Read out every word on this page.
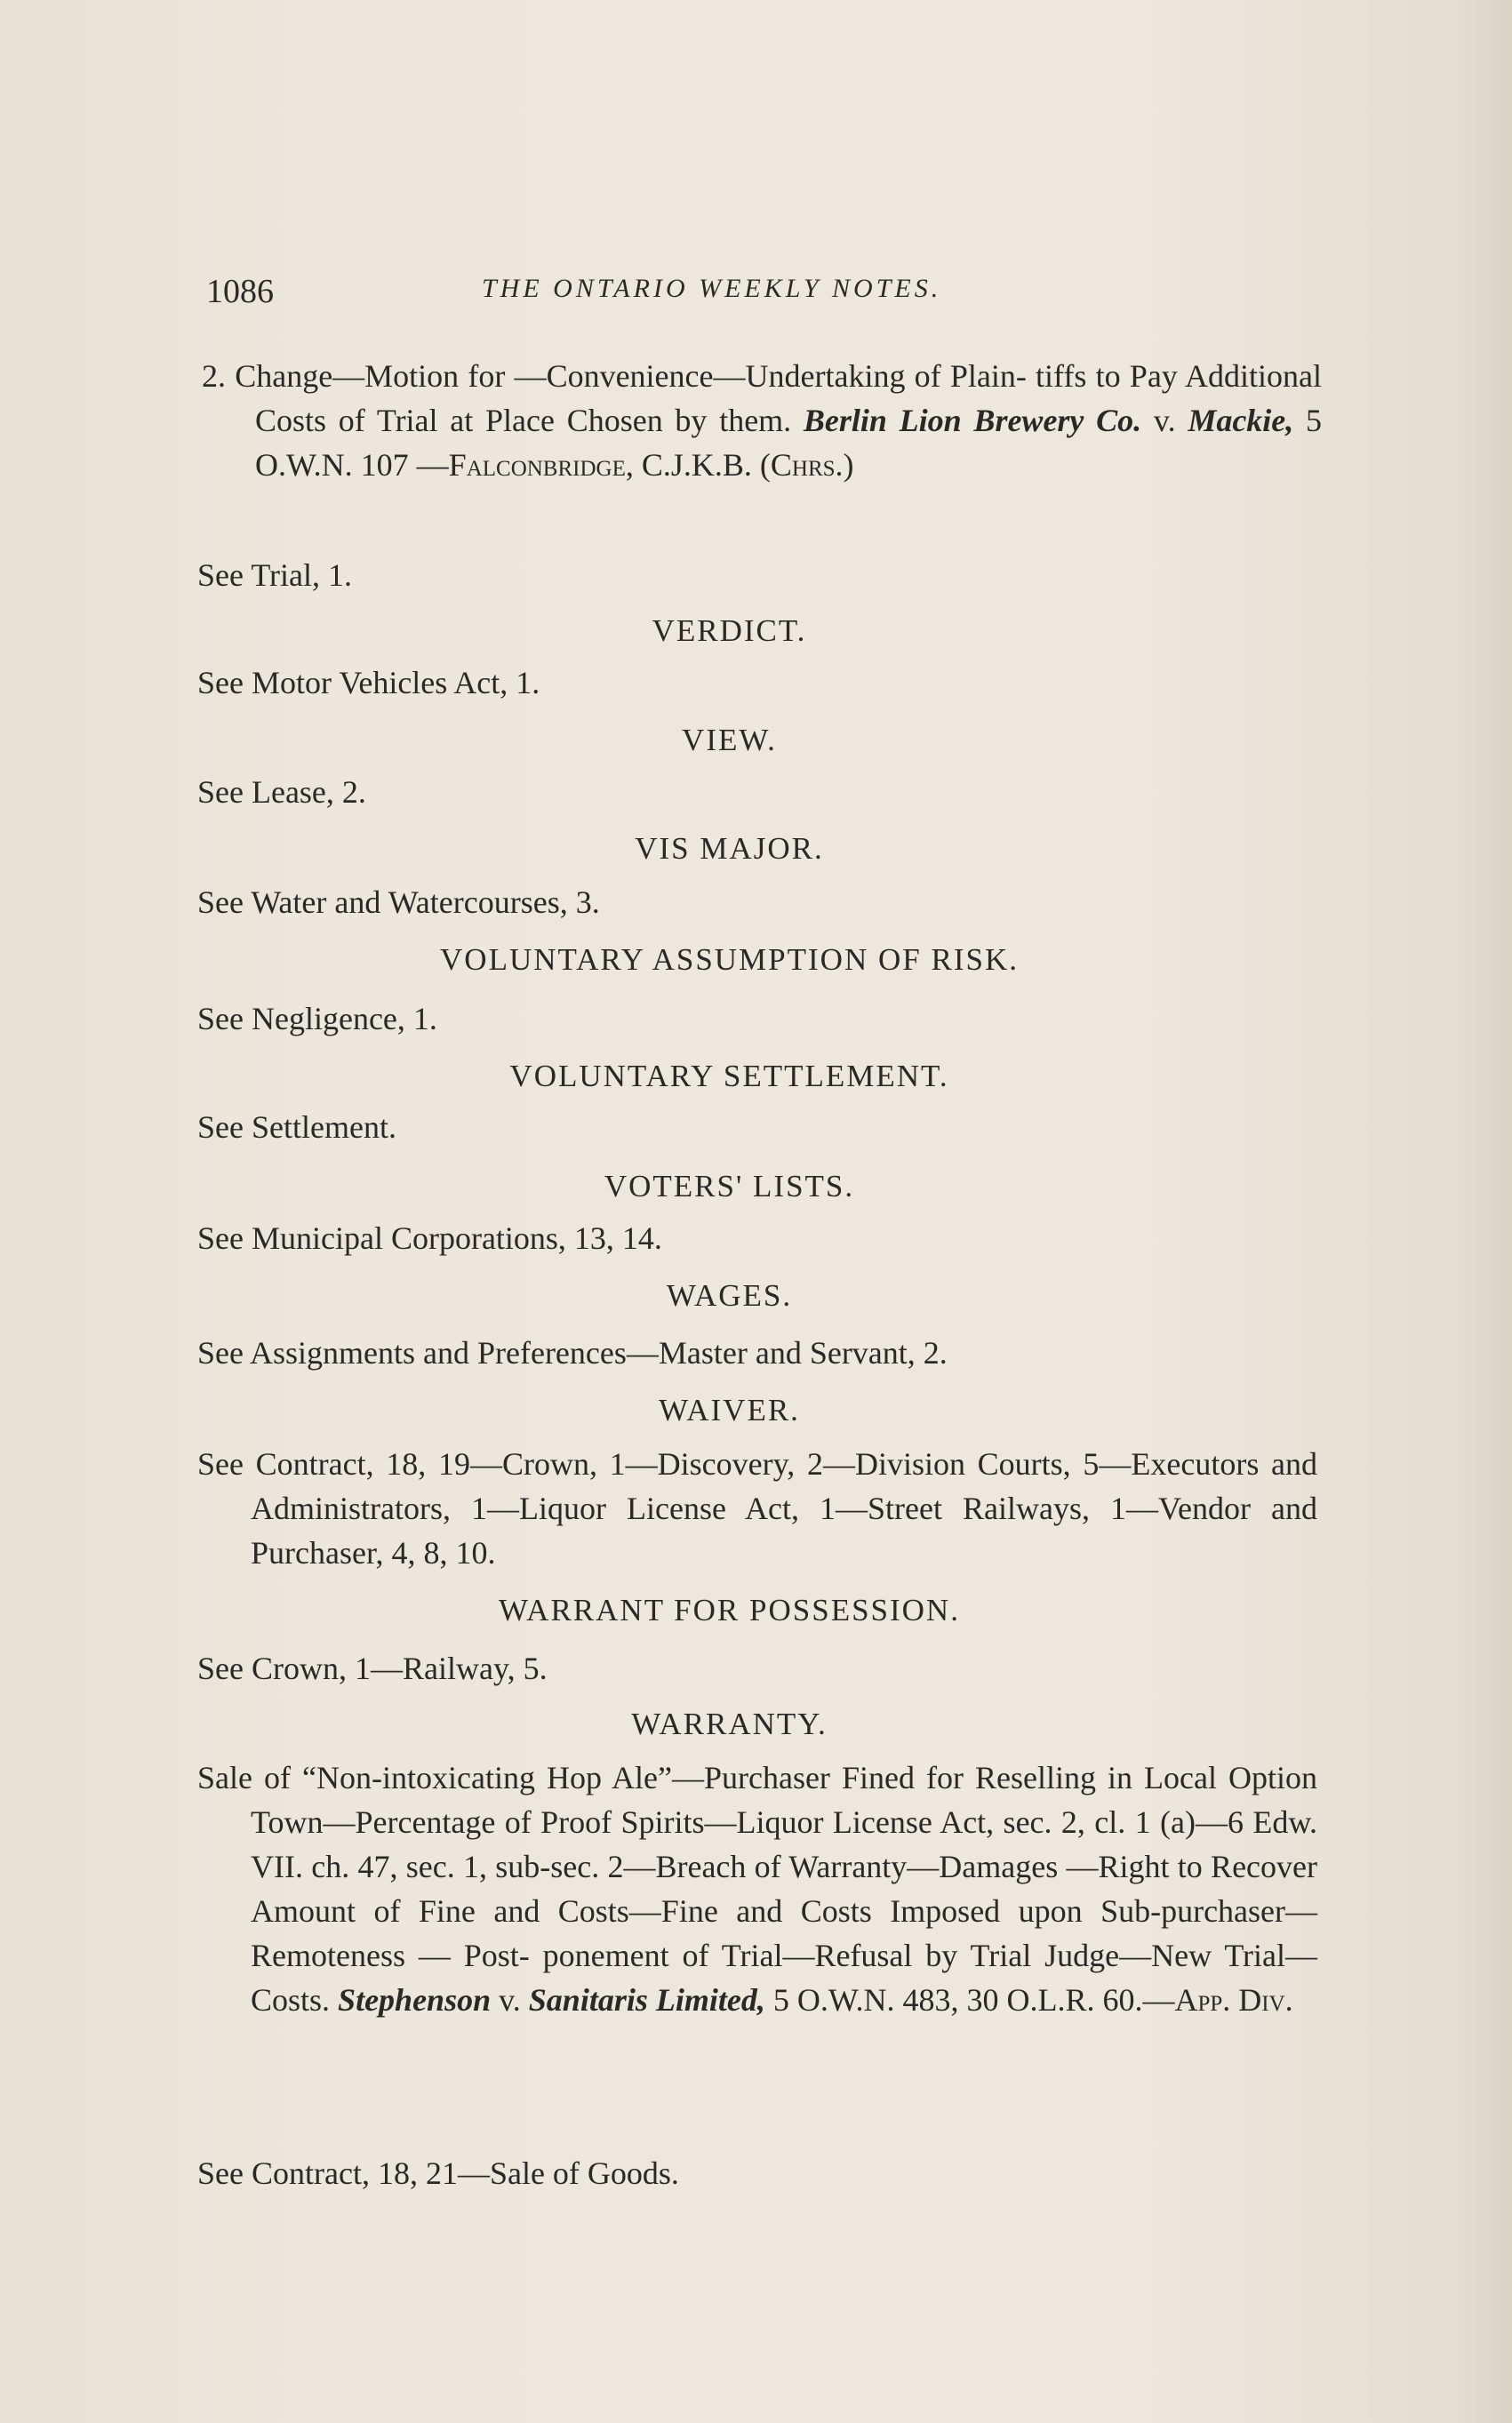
1086	THE ONTARIO WEEKLY NOTES.
2. Change—Motion for —Convenience—Undertaking of Plain- tiffs to Pay Additional Costs of Trial at Place Chosen by them. Berlin Lion Brewery Co. v. Mackie, 5 O.W.N. 107 —Falconbridge, C.J.K.B. (Chrs.)
See Trial, 1.
VERDICT.
See Motor Vehicles Act, 1.
VIEW.
See Lease, 2.
VIS MAJOR.
See Water and Watercourses, 3.
VOLUNTARY ASSUMPTION OF RISK.
See Negligence, 1.
VOLUNTARY SETTLEMENT.
See Settlement.
VOTERS' LISTS.
See Municipal Corporations, 13, 14.
WAGES.
See Assignments and Preferences—Master and Servant, 2.
WAIVER.
See Contract, 18, 19—Crown, 1—Discovery, 2—Division Courts, 5—Executors and Administrators, 1—Liquor License Act, 1—Street Railways, 1—Vendor and Purchaser, 4, 8, 10.
WARRANT FOR POSSESSION.
See Crown, 1—Railway, 5.
WARRANTY.
Sale of “Non-intoxicating Hop Ale”—Purchaser Fined for Reselling in Local Option Town—Percentage of Proof Spirits—Liquor License Act, sec. 2, cl. 1 (a)—6 Edw. VII. ch. 47, sec. 1, sub-sec. 2—Breach of Warranty—Damages —Right to Recover Amount of Fine and Costs—Fine and Costs Imposed upon Sub-purchaser—Remoteness — Post- ponement of Trial—Refusal by Trial Judge—New Trial— Costs. Stephenson v. Sanitaris Limited, 5 O.W.N. 483, 30 O.L.R. 60.—App. Div.
See Contract, 18, 21—Sale of Goods.
